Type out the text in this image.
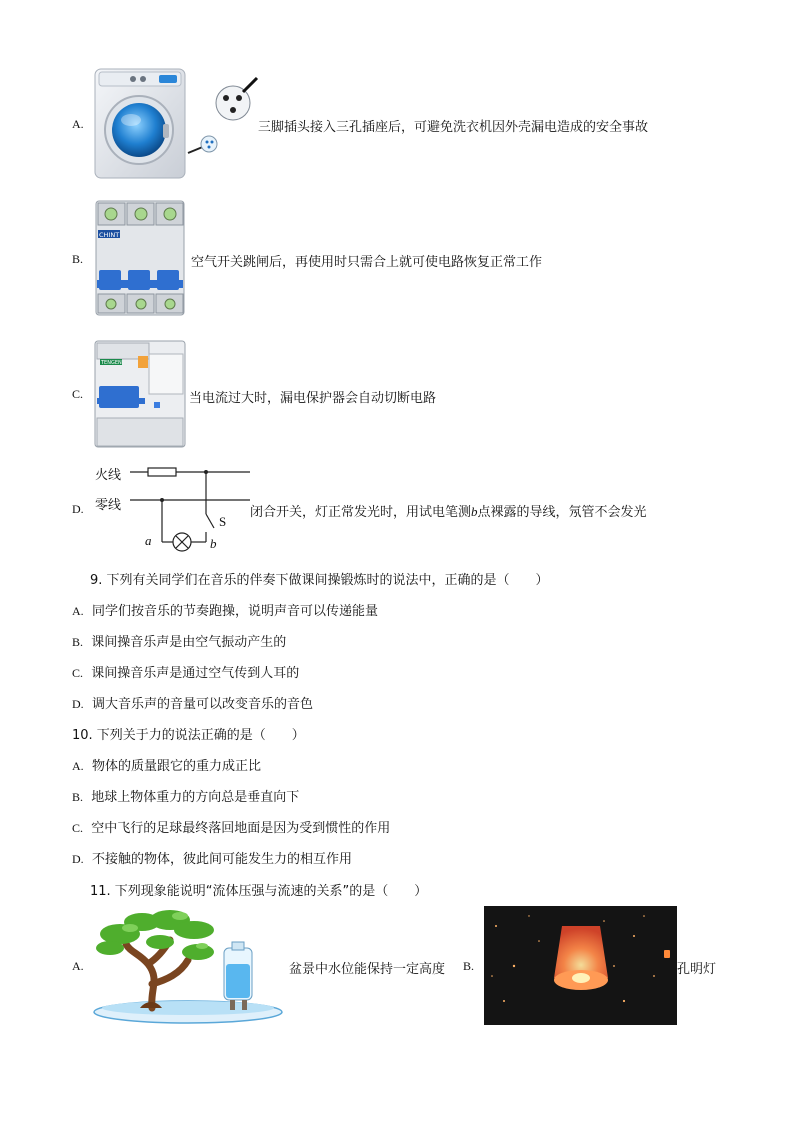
A.	三脚插头接入三孔插座后，可避免洗衣机因外壳漏电造成的安全事故
B.
CHINT
空气开关跳闸后，再使用时只需合上就可使电路恢复正常工作
C.
TENGEN
当电流过大时，漏电保护器会自动切断电路
D.
火线
零线
a	b
S
闭合开关，灯正常发光时，用试电笔测b点裸露的导线，氖管不会发光
9. 下列有关同学们在音乐的伴奏下做课间操锻炼时的说法中，正确的是（　　）
A. 同学们按音乐的节奏跑操，说明声音可以传递能量
B. 课间操音乐声是由空气振动产生的
C. 课间操音乐声是通过空气传到人耳的
D. 调大音乐声的音量可以改变音乐的音色
10. 下列关于力的说法正确的是（　　）
A. 物体的质量跟它的重力成正比
B. 地球上物体重力的方向总是垂直向下
C. 空中飞行的足球最终落回地面是因为受到惯性的作用
D. 不接触的物体，彼此间可能发生力的相互作用
11. 下列现象能说明“流体压强与流速的关系”的是（　　）
A.	盆景中水位能保持一定高度 B.	孔明灯
